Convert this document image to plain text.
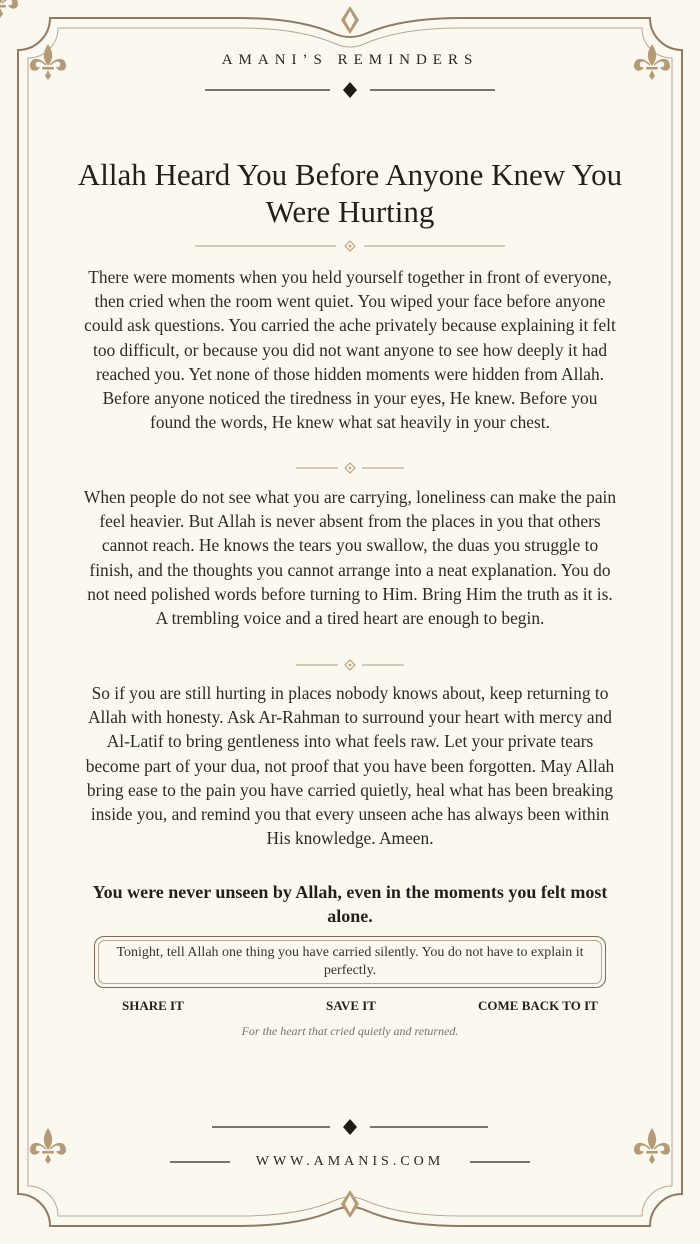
AMANI’S REMINDERS
Allah Heard You Before Anyone Knew You Were Hurting
There were moments when you held yourself together in front of everyone, then cried when the room went quiet. You wiped your face before anyone could ask questions. You carried the ache privately because explaining it felt too difficult, or because you did not want anyone to see how deeply it had reached you. Yet none of those hidden moments were hidden from Allah. Before anyone noticed the tiredness in your eyes, He knew. Before you found the words, He knew what sat heavily in your chest.
When people do not see what you are carrying, loneliness can make the pain feel heavier. But Allah is never absent from the places in you that others cannot reach. He knows the tears you swallow, the duas you struggle to finish, and the thoughts you cannot arrange into a neat explanation. You do not need polished words before turning to Him. Bring Him the truth as it is. A trembling voice and a tired heart are enough to begin.
So if you are still hurting in places nobody knows about, keep returning to Allah with honesty. Ask Ar-Rahman to surround your heart with mercy and Al-Latif to bring gentleness into what feels raw. Let your private tears become part of your dua, not proof that you have been forgotten. May Allah bring ease to the pain you have carried quietly, heal what has been breaking inside you, and remind you that every unseen ache has always been within His knowledge. Ameen.
You were never unseen by Allah, even in the moments you felt most alone.
Tonight, tell Allah one thing you have carried silently. You do not have to explain it perfectly.
SHARE IT	SAVE IT	COME BACK TO IT
For the heart that cried quietly and returned.
WWW.AMANIS.COM
